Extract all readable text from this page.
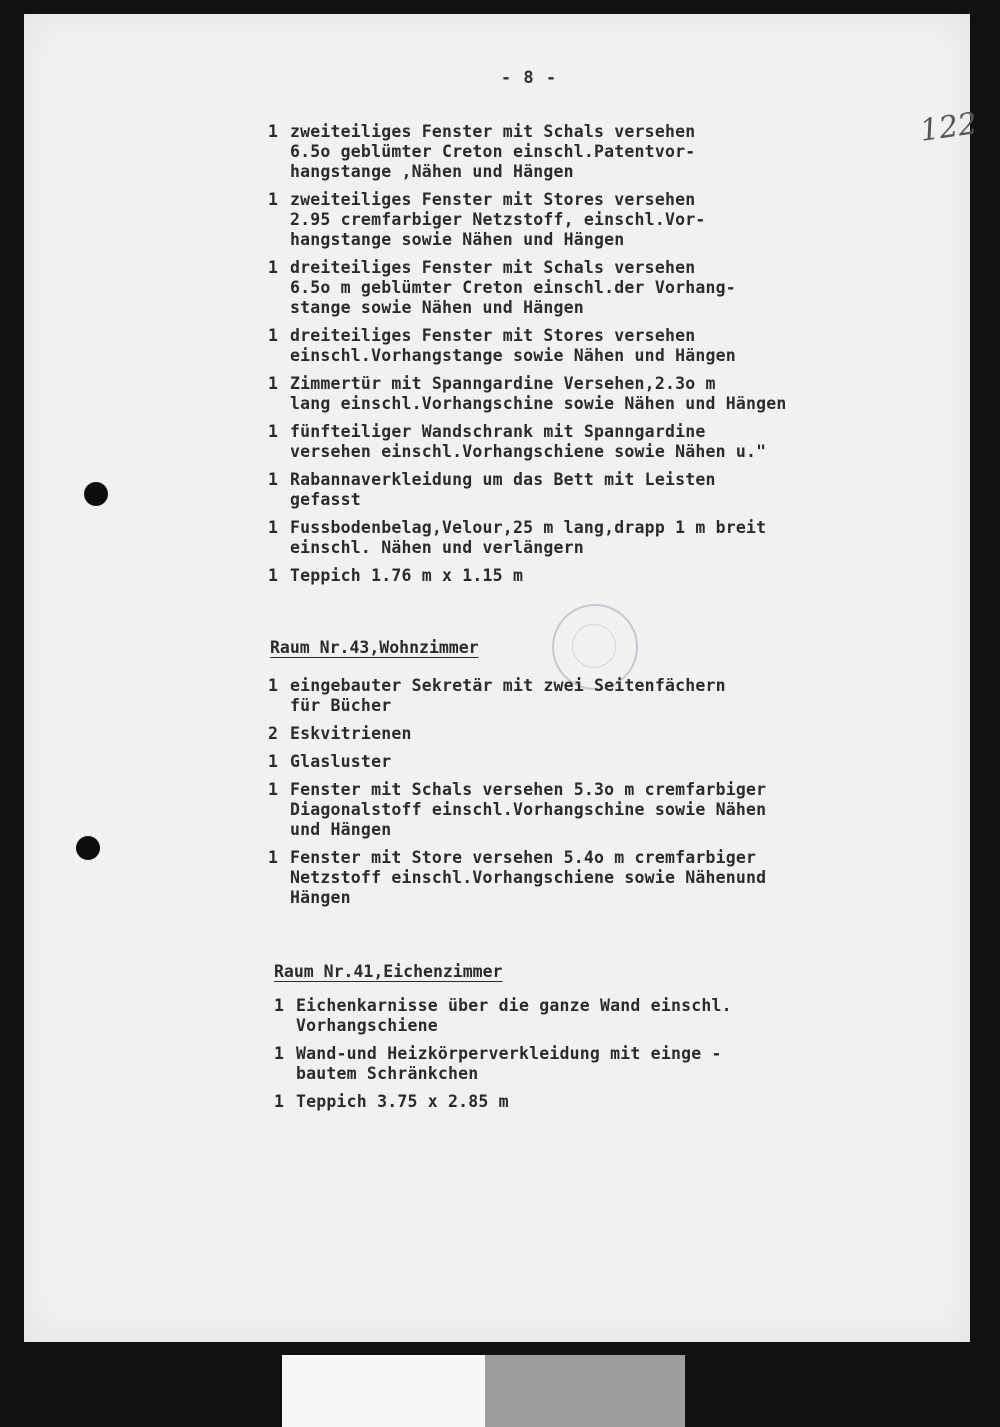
- 8 -
122
1 zweiteiliges Fenster mit Schals versehen
6.5o geblümter Creton einschl.Patentvor-
hangstange ,Nähen und Hängen
1 zweiteiliges Fenster mit Stores versehen
2.95 cremfarbiger Netzstoff, einschl.Vor-
hangstange sowie Nähen und Hängen
1 dreiteiliges Fenster mit Schals versehen
6.5o m geblümter Creton einschl.der Vorhang-
stange sowie Nähen und Hängen
1 dreiteiliges Fenster mit Stores versehen
einschl.Vorhangstange sowie Nähen und Hängen
1 Zimmertür mit Spanngardine Versehen,2.3o m
lang einschl.Vorhangschine sowie Nähen und Hängen
1 fünfteiliger Wandschrank mit Spanngardine
versehen einschl.Vorhangschiene sowie Nähen u."
1 Rabannaverkleidung um das Bett mit Leisten
gefasst
1 Fussbodenbelag,Velour,25 m lang,drapp 1 m breit
einschl. Nähen und verlängern
1 Teppich 1.76 m x 1.15 m
Raum Nr.43,Wohnzimmer
1 eingebauter Sekretär mit zwei Seitenfächern
für Bücher
2 Eskvitrienen
1 Glasluster
1 Fenster mit Schals versehen 5.3o m cremfarbiger
Diagonalstoff einschl.Vorhangschine sowie Nähen
und Hängen
1 Fenster mit Store versehen 5.4o m cremfarbiger
Netzstoff einschl.Vorhangschiene sowie Nähenund
Hängen
Raum Nr.41,Eichenzimmer
1 Eichenkarnisse über die ganze Wand einschl.
Vorhangschiene
1 Wand-und Heizkörperverkleidung mit einge -
bautem Schränkchen
1 Teppich 3.75 x 2.85 m
